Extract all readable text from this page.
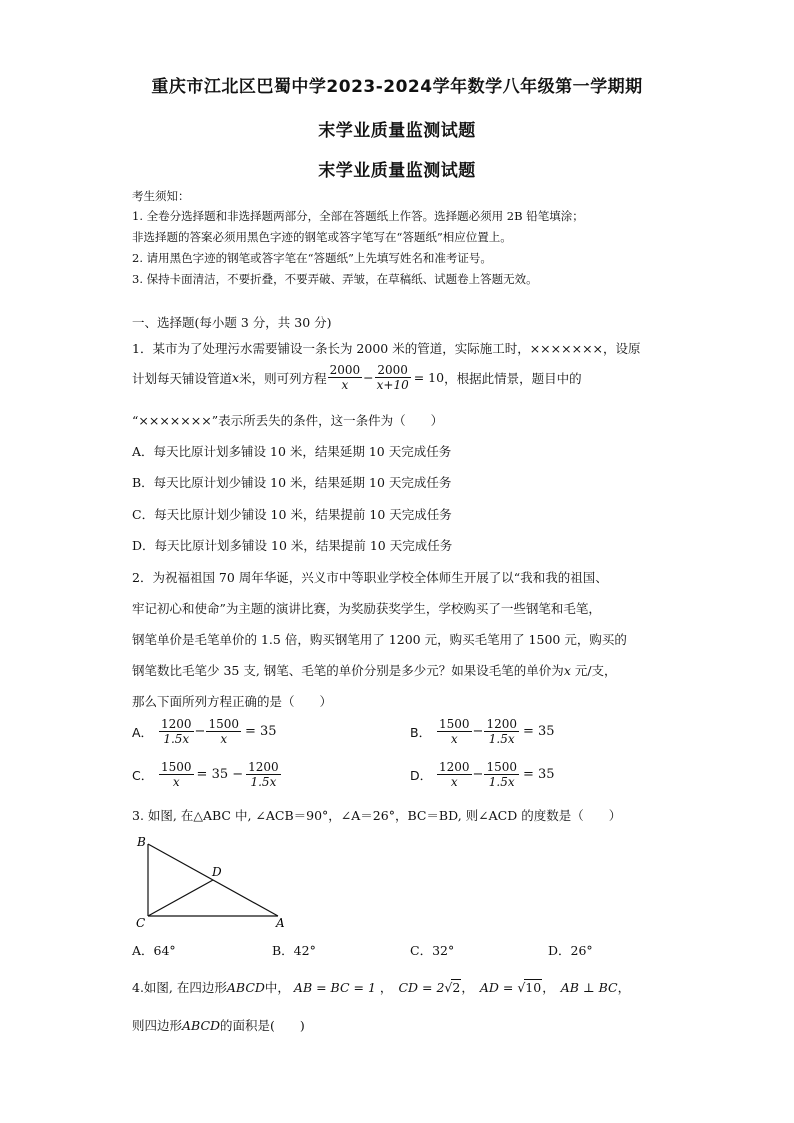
重庆市江北区巴蜀中学2023-2024学年数学八年级第一学期期
末学业质量监测试题
末学业质量监测试题
考生须知：
1. 全卷分选择题和非选择题两部分，全部在答题纸上作答。选择题必须用 2B 铅笔填涂；
非选择题的答案必须用黑色字迹的钢笔或答字笔写在“答题纸”相应位置上。
2. 请用黑色字迹的钢笔或答字笔在“答题纸”上先填写姓名和准考证号。
3. 保持卡面清洁，不要折叠，不要弄破、弄皱，在草稿纸、试题卷上答题无效。
一、选择题(每小题 3 分，共 30 分)
1．某市为了处理污水需要铺设一条长为 2000 米的管道，实际施工时，×××××××，设原
计划每天铺设管道 x 米，则可列方程 $\frac{2000}{x} - \frac{2000}{x+10} = 10$ ，根据此情景，题目中的
“×××××××”表示所丢失的条件，这一条件为（　　）
A．每天比原计划多铺设 10 米，结果延期 10 天完成任务
B．每天比原计划少铺设 10 米，结果延期 10 天完成任务
C．每天比原计划少铺设 10 米，结果提前 10 天完成任务
D．每天比原计划多铺设 10 米，结果提前 10 天完成任务
2．为祝福祖国 70 周年华诞，兴义市中等职业学校全体师生开展了以“我和我的祖国、
牢记初心和使命”为主题的演讲比赛，为奖励获奖学生，学校购买了一些钢笔和毛笔，
钢笔单价是毛笔单价的 1.5 倍，购买钢笔用了 1200 元，购买毛笔用了 1500 元，购买的
钢笔数比毛笔少 35 支, 钢笔、毛笔的单价分别是多少元？如果设毛笔的单价为x 元/支，
那么下面所列方程正确的是（　　）
A． $\frac{1200}{1.5x} - \frac{1500}{x} = 35$	B． $\frac{1500}{x} - \frac{1200}{1.5x} = 35$
C． $\frac{1500}{x} = 35 - \frac{1200}{1.5x}$	D． $\frac{1200}{x} - \frac{1500}{1.5x} = 35$
3. 如图, 在△ABC 中, ∠ACB＝90°，∠A＝26°，BC＝BD, 则∠ACD 的度数是（　　）
B
D
C	A
A．64°	B．42°	C．32°	D．26°
4.如图, 在四边形 ABCD 中， AB = BC = 1 ， CD = 2√2 ， AD = √10 ， AB ⊥ BC ，
则四边形ABCD的面积是(　　)
